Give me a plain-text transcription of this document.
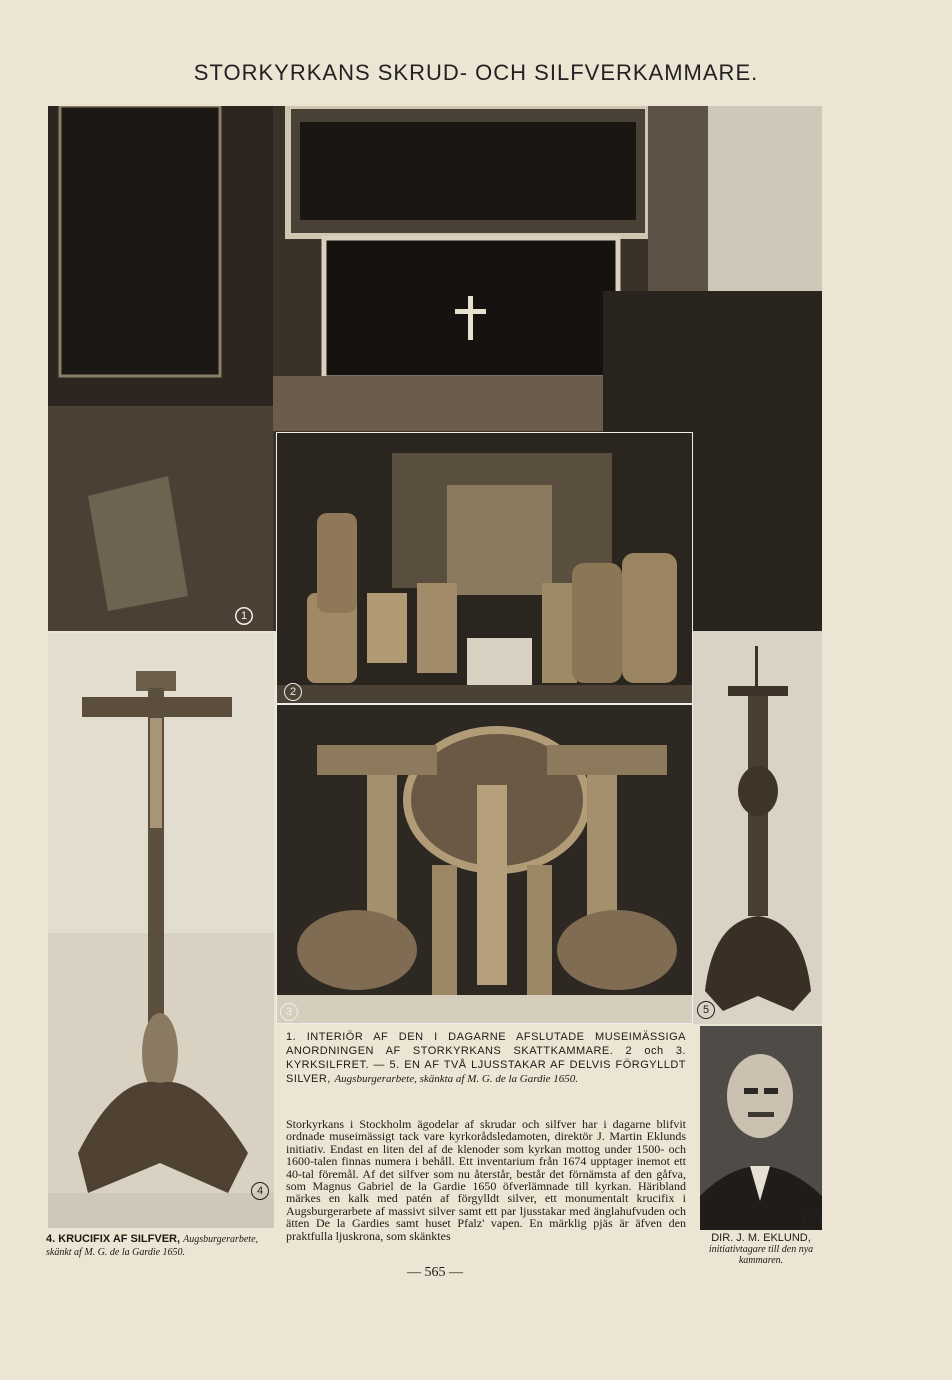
STORKYRKANS SKRUD- OCH SILFVERKAMMARE.
1
2
3
4
5
6
1. INTERIÖR AF DEN I DAGARNE AFSLUTADE MUSEIMÄSSIGA ANORDNINGEN AF STORKYRKANS SKATTKAMMARE. 2 och 3. KYRKSILFRET. — 5. EN AF TVÅ LJUSSTAKAR AF DELVIS FÖRGYLLDT SILVER, Augsburgerarbete, skänkta af M. G. de la Gardie 1650.
Storkyrkans i Stockholm ägodelar af skrudar och silfver har i dagarne blifvit ordnade museimässigt tack vare kyrkorådsledamoten, direktör J. Martin Eklunds initiativ. Endast en liten del af de klenoder som kyrkan mottog under 1500- och 1600-talen finnas numera i behåll. Ett inventarium från 1674 upptager inemot ett 40-tal föremål. Af det silfver som nu återstår, består det förnämsta af den gåfva, som Magnus Gabriel de la Gardie 1650 öfverlämnade till kyrkan. Häribland märkes en kalk med patén af förgylldt silver, ett monumentalt krucifix i Augsburgerarbete af massivt silver samt ett par ljusstakar med änglahufvuden och ätten De la Gardies samt huset Pfalz' vapen. En märklig pjäs är äfven den praktfulla ljuskrona, som skänktes
4. KRUCIFIX AF SILFVER, Augsburgerarbete, skänkt af M. G. de la Gardie 1650.
DIR. J. M. EKLUND,
initiativtagare till den nya kammaren.
— 565 —
